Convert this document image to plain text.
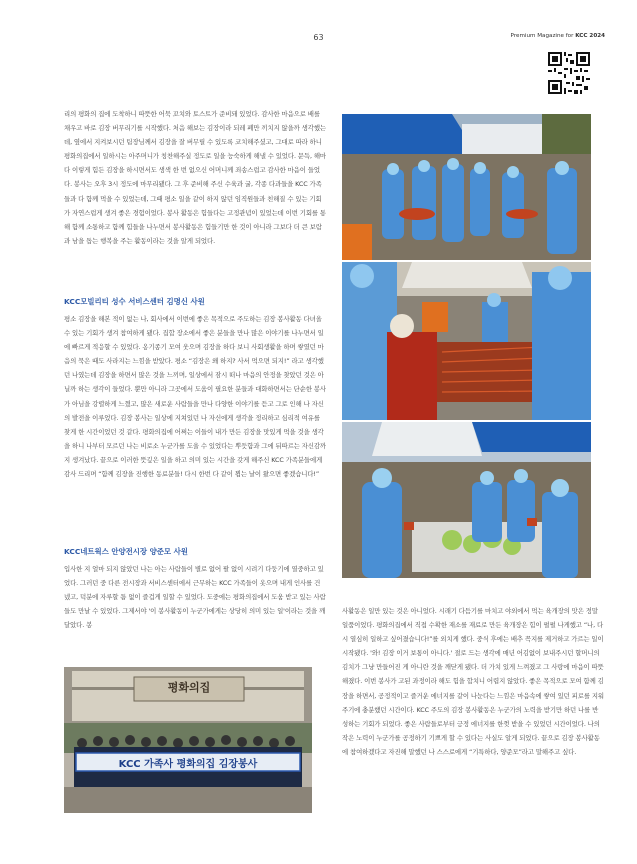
63	Premium Magazine for KCC 2024

리의 평화의 집에 도착하니 따뜻한 어묵 꼬치와 토스트가 준비돼 있었다. 감사한 마음으로 배를 채우고 바로 김장 버무리기를 시작했다. 처음 해보는 김장이라 되레 폐만 끼치지 않을까 생각했는데, 옆에서 지켜보시던 팀장님께서 김장을 잘 버무릴 수 있도록 코치해주셨고, 그대로 따라 하니 평화의집에서 일하시는 아주머니가 칭찬해주실 정도로 일을 능숙하게 해낼 수 있었다. 문득, 해마다 이렇게 힘든 김장을 하시면서도 생색 한 번 없으신 어머니께 죄송스럽고 감사한 마음이 들었다. 봉사는 오후 3시 정도에 마무리됐다. 그 후 준비해 주신 수육과 굴, 각종 다과들을 KCC 가족들과 다 함께 먹을 수 있었는데, 그때 평소 일을 같이 하지 않던 임직원들과 친해질 수 있는 기회가 자연스럽게 생겨 좋은 경험이었다. 봉사 활동은 힘들다는 고정관념이 있었는데 이번 기회를 통해 함께 소통하고 함께 힘들을 나누면서 봉사활동은 힘들기만 한 것이 아니라 그보다 더 큰 보람과 남을 돕는 행복을 주는 활동이라는 것을 알게 되었다.

KCC모빌리티 성수 서비스센터 김명신 사원

평소 김장을 해본 적이 없는 나, 회사에서 이번에 좋은 목적으로 주도하는 김장 봉사활동 다녀올 수 있는 기회가 생겨 참여하게 됐다. 집합 장소에서 좋은 분들을 만나 많은 이야기를 나누면서 일에 빠르게 적응할 수 있었다. 옹기종기 모여 웃으며 김장을 하다 보니 사회생활을 하며 쌓였던 마음의 묵은 때도 사라지는 느낌을 받았다. 평소 “김장은 왜 하지? 사서 먹으면 되지!” 라고 생각했던 나였는데 김장을 하면서 많은 것을 느끼며, 일상에서 잠시 떠나 마음의 안정을 찾았던 것은 아닐까 하는 생각이 들었다. 뿐만 아니라 그곳에서 도움이 필요한 분들과 대화하면서는 단순한 봉사가 아님을 강렬하게 느꼈고, 많은 새로운 사람들을 만나 다양한 이야기를 듣고 그로 인해 나 자신의 발전을 이루었다. 김장 봉사는 일상에 지쳐있던 나 자신에게 생각을 정리하고 심리적 여유를 찾게 한 시간이었던 것 같다. 평화의집에 어쩌는 이들이 내가 만든 김장을 맛있게 먹을 것을 생각을 하니 나부터 모르던 나는 비로소 누군가를 도울 수 있었다는 뿌듯함과 그에 뒤따르는 자신감까지 생겨났다. 끝으로 이러한 뜻깊은 일을 하고 의미 있는 시간을 갖게 해주신 KCC 가족분들에게 감사 드리며 “함께 김장을 진행한 동료분들! 다시 한번 다 같이 뵙는 날이 왔으면 좋겠습니다!”

KCC네트웍스 안양전시장 양준모 사원

입사한 지 얼마 되지 않았던 나는 아는 사람들이 별로 없어 팔 없이 시려기 다둥기에 열중하고 있었다. 그러던 중 다른 전시장과 서비스센터에서 근무하는 KCC 가족들이 옷으며 내게 인사를 건넸고, 덕분에 자루할 틈 없이 즐겁게 일할 수 있었다. 도중에는 평화의집에서 도움 받고 있는 사람들도 만날 수 있었다. 그제서야 '이 봉사활동이 누군가에게는 상당히 의미 있는 일'이라는 것을 깨달았다. 봉

평화의집
KCC 가족사 평화의집 김장봉사

사활동은 일만 있는 것은 아니었다. 시래기 다듬기를 마치고 야외에서 먹는 육개장의 맛은 정말 일품이었다. 평화의집에서 직접 수확한 재소를 재료로 만든 육개장은 힘이 펄펄 나게했고 “나, 다시 열심히 일하고 싶어졌습니다!”를 외치게 했다. 중식 후에는 배추 꼭지를 제거하고 가르는 일이 시작됐다. '와! 김장 이거 보통이 아니다.' 절로 드는 생각에 매년 어김없이 보내주시던 할머니의 김치가 그냥 만들어진 게 아니란 것을 깨닫게 됐다. 더 가치 있게 느껴졌고 그 사랑에 마음이 따뜻해졌다. 이번 봉사가 고된 과정이라 해도 힘을 합치니 어렵지 않았다. 좋은 목적으로 모여 함께 김장을 하면서, 공정적이고 즐거운 에너지를 같이 나눈다는 느낌은 마음속에 쌓여 있던 피로를 지워주기에 충분했던 시간이다. KCC 주도의 김장 봉사활동은 누군가의 노력을 받기만 하던 나를 반성하는 기회가 되었다. 좋은 사람들로부터 긍정 에너지를 한껏 받을 수 있었던 시간이었다. 나의 작은 노력이 누군가를 공정하기 기쁘게 할 수 있다는 사실도 알게 되었다. 끝으로 김장 봉사활동에 참여하겠다고 자진해 말했던 나 스스로에게 “기특하다, 양준모”라고 말해주고 싶다.
